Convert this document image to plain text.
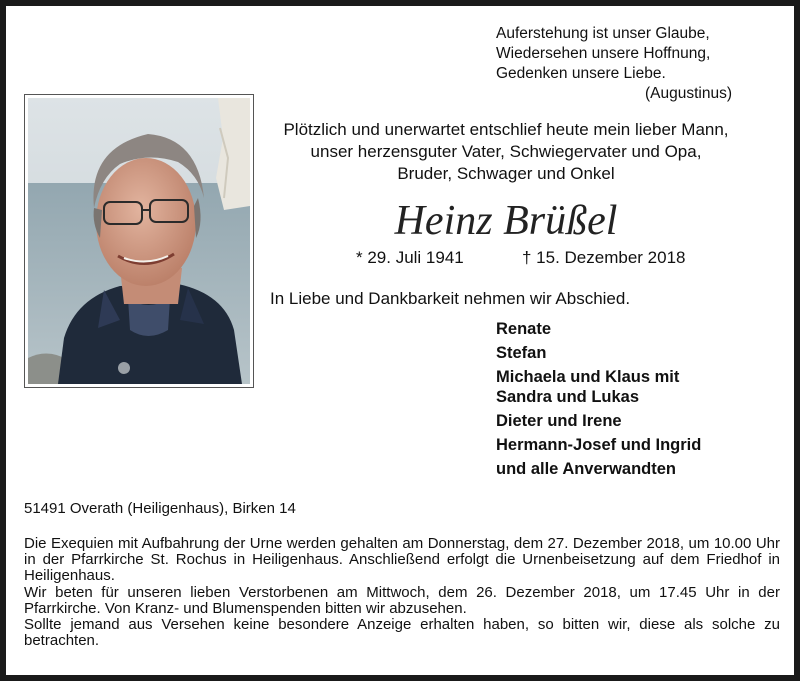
Auferstehung ist unser Glaube,
Wiedersehen unsere Hoffnung,
Gedenken unsere Liebe.
(Augustinus)
Plötzlich und unerwartet entschlief heute mein lieber Mann,
unser herzensguter Vater, Schwiegervater und Opa,
Bruder, Schwager und Onkel
Heinz Brüßel
* 29. Juli 1941	† 15. Dezember 2018
In Liebe und Dankbarkeit nehmen wir Abschied.
Renate
Stefan
Michaela und Klaus mit
Sandra und Lukas
Dieter und Irene
Hermann-Josef und Ingrid
und alle Anverwandten
51491 Overath (Heiligenhaus), Birken 14

Die Exequien mit Aufbahrung der Urne werden gehalten am Donnerstag, dem 27. Dezember 2018, um 10.00 Uhr in der Pfarrkirche St. Rochus in Heiligenhaus. Anschließend erfolgt die Urnenbeisetzung auf dem Friedhof in Heiligenhaus.

Wir beten für unseren lieben Verstorbenen am Mittwoch, dem 26. Dezember 2018, um 17.45 Uhr in der Pfarrkirche. Von Kranz- und Blumenspenden bitten wir abzusehen.

Sollte jemand aus Versehen keine besondere Anzeige erhalten haben, so bitten wir, diese als solche zu betrachten.
